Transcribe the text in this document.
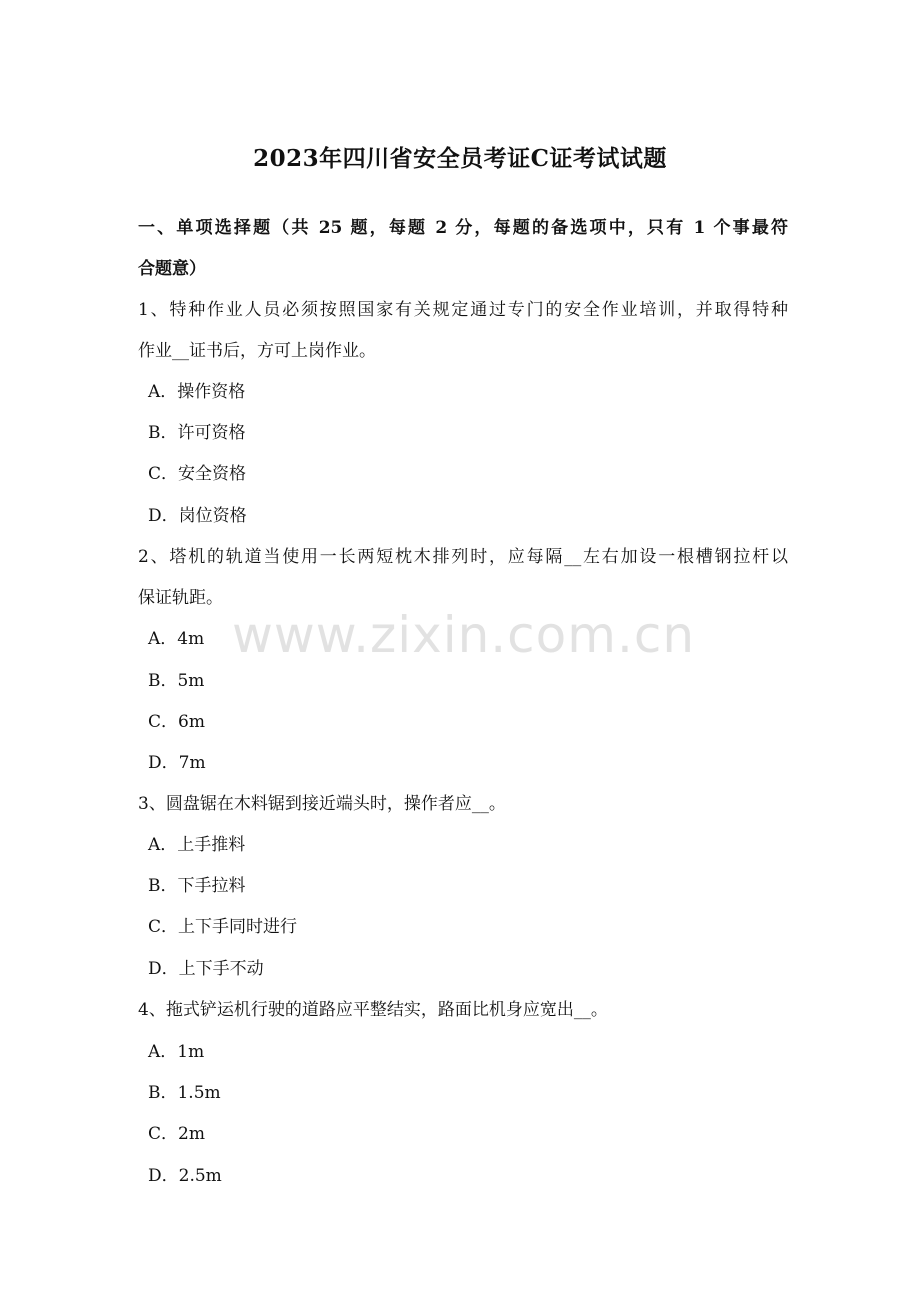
2023年四川省安全员考证C证考试试题
一、单项选择题（共 25 题，每题 2 分，每题的备选项中，只有 1 个事最符
合题意）
1、特种作业人员必须按照国家有关规定通过专门的安全作业培训，并取得特种
作业__证书后，方可上岗作业。
A．操作资格
B．许可资格
C．安全资格
D．岗位资格
2、塔机的轨道当使用一长两短枕木排列时，应每隔__左右加设一根槽钢拉杆以
保证轨距。
A．4m
B．5m
C．6m
D．7m
3、圆盘锯在木料锯到接近端头时，操作者应__。
A．上手推料
B．下手拉料
C．上下手同时进行
D．上下手不动
4、拖式铲运机行驶的道路应平整结实，路面比机身应宽出__。
A．1m
B．1.5m
C．2m
D．2.5m
www.zixin.com.cn
